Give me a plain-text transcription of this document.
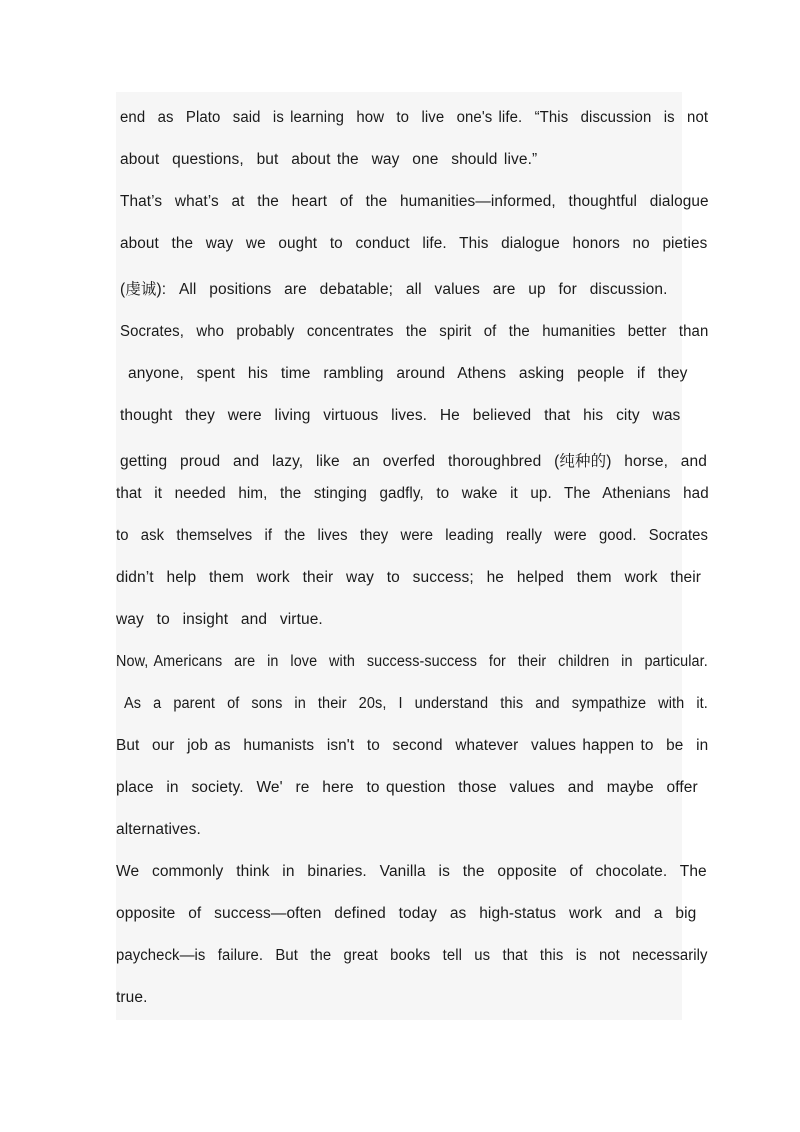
end  as  Plato  said  is learning  how  to  live  one's life.  “This  discussion  is  not
about  questions,  but  about the  way  one  should live.”
That’s  what’s  at  the  heart  of  the  humanities—informed,  thoughtful  dialogue
about  the  way  we  ought  to  conduct  life.  This  dialogue  honors  no  pieties
(虔诚):  All  positions  are  debatable;  all  values  are  up  for  discussion.
Socrates,  who  probably  concentrates  the  spirit  of  the  humanities  better  than
anyone,  spent  his  time  rambling  around  Athens  asking  people  if  they
thought  they  were  living  virtuous  lives.  He  believed  that  his  city  was
getting  proud  and  lazy,  like  an  overfed  thoroughbred  (纯种的)  horse,  and
that  it  needed  him,  the  stinging  gadfly,  to  wake  it  up.  The  Athenians  had
to  ask  themselves  if  the  lives  they  were  leading  really  were  good.  Socrates
didn’t  help  them  work  their  way  to  success;  he  helped  them  work  their
way  to  insight  and  virtue.
Now, Americans  are  in  love  with  success-success  for  their  children  in  particular.
As  a  parent  of  sons  in  their  20s,  I  understand  this  and  sympathize  with  it.
But  our  job as  humanists  isn't  to  second  whatever  values happen to  be  in
place  in  society.  We'  re  here  to question  those  values  and  maybe  offer
alternatives.
We  commonly  think  in  binaries.  Vanilla  is  the  opposite  of  chocolate.  The
opposite  of  success—often  defined  today  as  high-status  work  and  a  big
paycheck—is  failure.  But  the  great  books  tell  us  that  this  is  not  necessarily
true.
